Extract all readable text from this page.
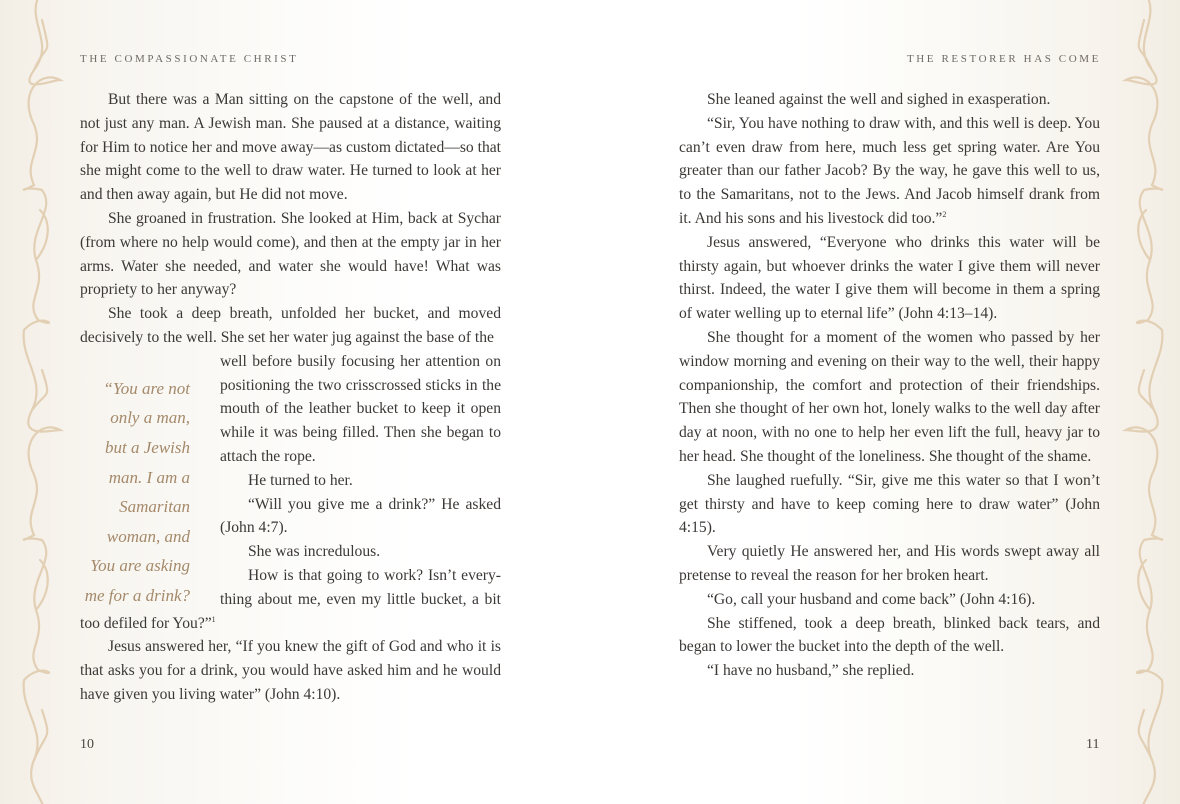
THE COMPASSIONATE CHRIST	THE RESTORER HAS COME

But there was a Man sitting on the capstone of the well, and not just any man. A Jewish man. She paused at a distance, waiting for Him to notice her and move away—as custom dictated—so that she might come to the well to draw water. He turned to look at her and then away again, but He did not move.

She groaned in frustration. She looked at Him, back at Sychar (from where no help would come), and then at the empty jar in her arms. Water she needed, and water she would have! What was propriety to her anyway?

She took a deep breath, unfolded her bucket, and moved decisively to the well. She set her water jug against the base of the

“You are not
only a man,
but a Jewish
man. I am a
Samaritan
woman, and
You are asking
me for a drink?

well before busily focusing her attention on positioning the two crisscrossed sticks in the mouth of the leather bucket to keep it open while it was being filled. Then she began to attach the rope.

He turned to her.

“Will you give me a drink?” He asked (John 4:7).

She was incredulous.

How is that going to work? Isn’t everything about me, even my little bucket, a bit too defiled for You?”$^1$

Jesus answered her, “If you knew the gift of God and who it is that asks you for a drink, you would have asked him and he would have given you living water” (John 4:10).

She leaned against the well and sighed in exasperation.

“Sir, You have nothing to draw with, and this well is deep. You can’t even draw from here, much less get spring water. Are You greater than our father Jacob? By the way, he gave this well to us, to the Samaritans, not to the Jews. And Jacob himself drank from it. And his sons and his livestock did too.”$^2$

Jesus answered, “Everyone who drinks this water will be thirsty again, but whoever drinks the water I give them will never thirst. Indeed, the water I give them will become in them a spring of water welling up to eternal life” (John 4:13–14).

She thought for a moment of the women who passed by her window morning and evening on their way to the well, their happy companionship, the comfort and protection of their friendships. Then she thought of her own hot, lonely walks to the well day after day at noon, with no one to help her even lift the full, heavy jar to her head. She thought of the loneliness. She thought of the shame.

She laughed ruefully. “Sir, give me this water so that I won’t get thirsty and have to keep coming here to draw water” (John 4:15).

Very quietly He answered her, and His words swept away all pretense to reveal the reason for her broken heart.

“Go, call your husband and come back” (John 4:16).

She stiffened, took a deep breath, blinked back tears, and began to lower the bucket into the depth of the well.

“I have no husband,” she replied.

10	11
